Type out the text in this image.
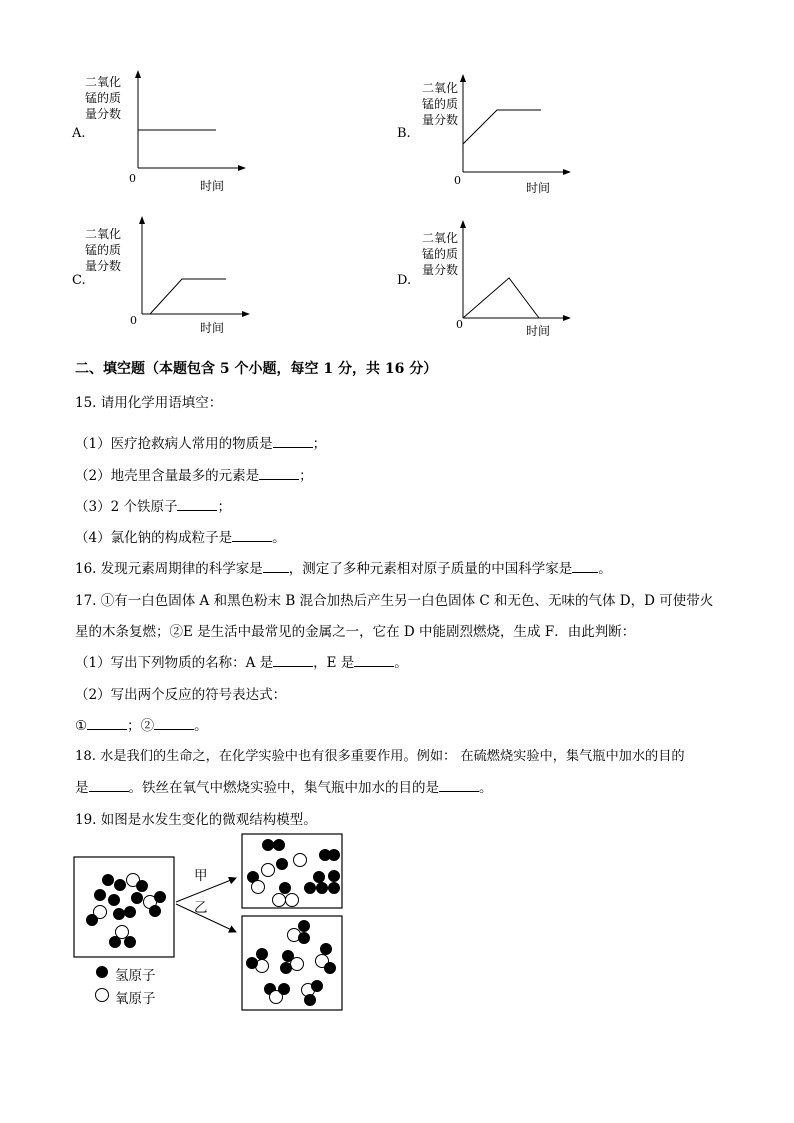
A.
二氧化
锰的质
量分数
0
时间
B.
二氧化
锰的质
量分数
0
时间
C.
二氧化
锰的质
量分数
0
时间
D.
二氧化
锰的质
量分数
0	时间
二、填空题（本题包含 5 个小题，每空 1 分，共 16 分）
15. 请用化学用语填空：
（1）医疗抢救病人常用的物质是	；
（2）地壳里含量最多的元素是	；
（3）2 个铁原子	；
（4）氯化钠的构成粒子是	。
16. 发现元素周期律的科学家是 ，测定了多种元素相对原子质量的中国科学家是 。
17. ①有一白色固体 A 和黑色粉末 B 混合加热后产生另一白色固体 C 和无色、无味的气体 D，D 可使带火
星的木条复燃；②E 是生活中最常见的金属之一，它在 D 中能剧烈燃烧，生成 F．由此判断：
（1）写出下列物质的名称：A 是	，E 是	。
（2）写出两个反应的符号表达式：
①	；②	。
18. 水是我们的生命之，在化学实验中也有很多重要作用。例如： 在硫燃烧实验中，集气瓶中加水的目的
是	。铁丝在氧气中燃烧实验中，集气瓶中加水的目的是	。
19. 如图是水发生变化的微观结构模型。
甲
乙
氢原子
氧原子
